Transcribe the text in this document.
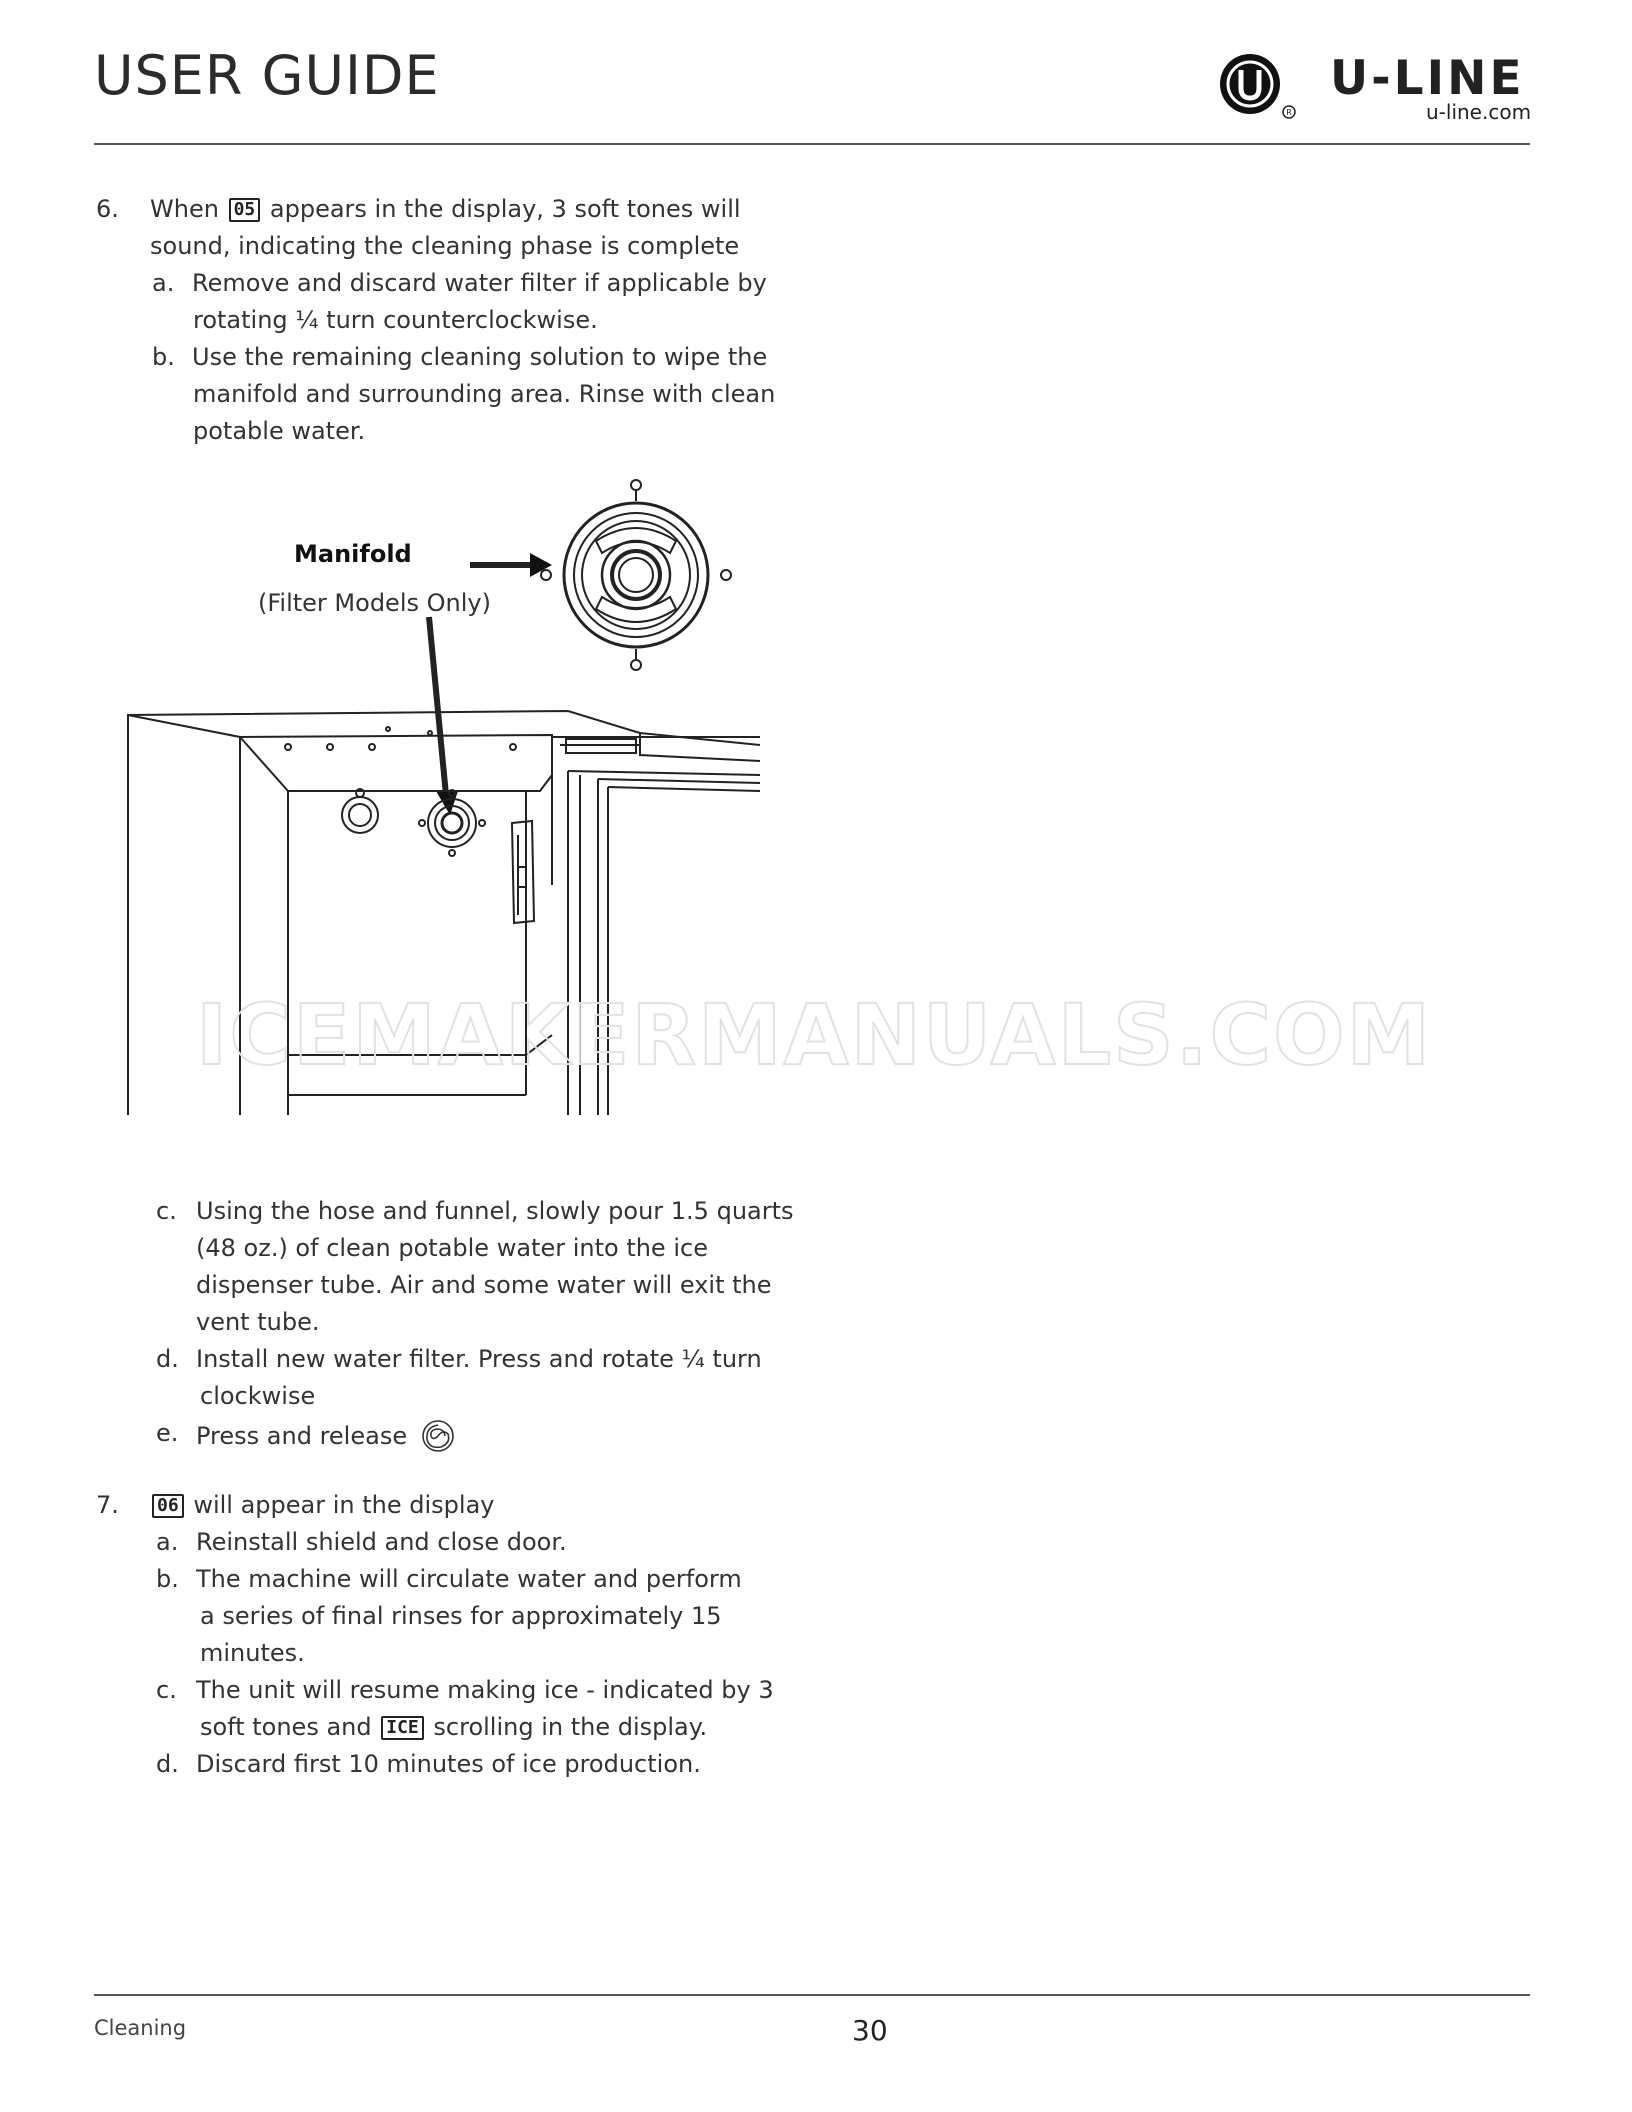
USER GUIDE
R
U-LINE
u-line.com
6. When 05 appears in the display, 3 soft tones will
sound, indicating the cleaning phase is complete
a. Remove and discard water filter if applicable by
rotating ¼ turn counterclockwise.
b. Use the remaining cleaning solution to wipe the
manifold and surrounding area. Rinse with clean
potable water.
Manifold
(Filter Models Only)
ICEMAKERMANUALS.COM
c. Using the hose and funnel, slowly pour 1.5 quarts
(48 oz.) of clean potable water into the ice
dispenser tube. Air and some water will exit the
vent tube.
d. Install new water filter. Press and rotate ¼ turn
clockwise
e. Press and release
7.	06 will appear in the display
a. Reinstall shield and close door.
b. The machine will circulate water and perform
a series of final rinses for approximately 15
minutes.
c. The unit will resume making ice - indicated by 3
soft tones and ICE scrolling in the display.
d. Discard first 10 minutes of ice production.
Cleaning	30
